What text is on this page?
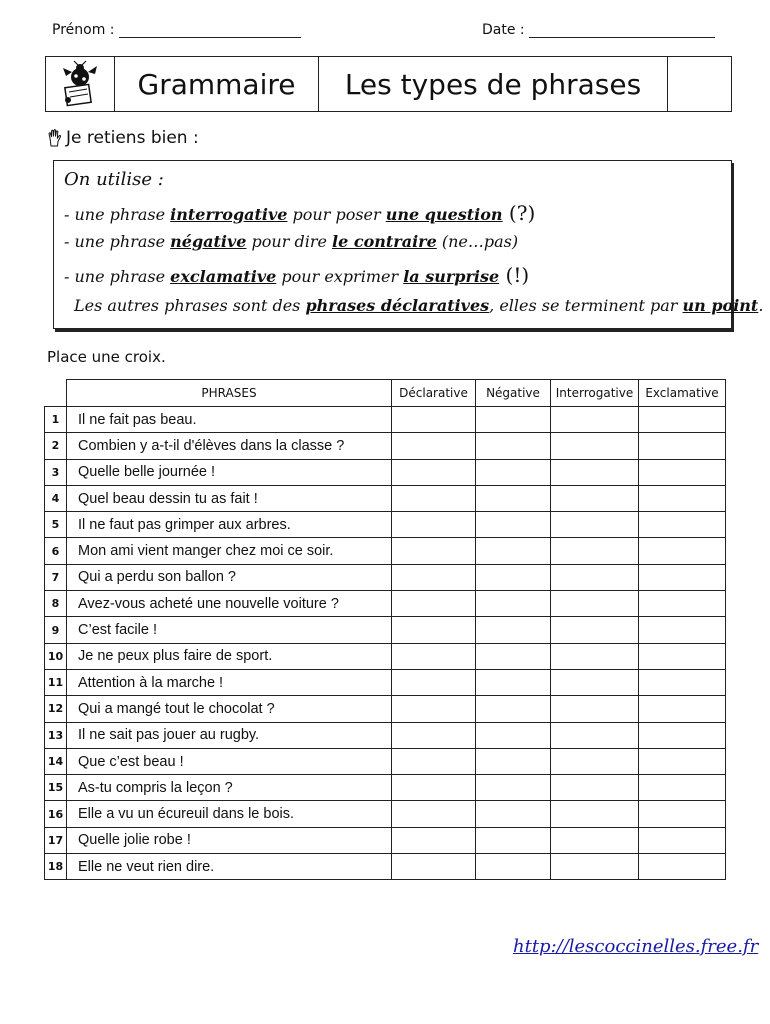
Prénom :	Date :
Grammaire	Les types de phrases
Je retiens bien :
On utilise :
- une phrase interrogative pour poser une question (?)
- une phrase négative pour dire le contraire (ne…pas)
- une phrase exclamative pour exprimer la surprise (!)
Les autres phrases sont des phrases déclaratives, elles se terminent par un point.
Place une croix.
	PHRASES	Déclarative	Négative	Interrogative	Exclamative
1	Il ne fait pas beau.				
2	Combien y a-t-il d'élèves dans la classe ?				
3	Quelle belle journée !				
4	Quel beau dessin tu as fait !				
5	Il ne faut pas grimper aux arbres.				
6	Mon ami vient manger chez moi ce soir.				
7	Qui a perdu son ballon ?				
8	Avez-vous acheté une nouvelle voiture ?				
9	C’est facile !				
10	Je ne peux plus faire de sport.				
11	Attention à la marche !				
12	Qui a mangé tout le chocolat ?				
13	Il ne sait pas jouer au rugby.				
14	Que c’est beau !				
15	As-tu compris la leçon ?				
16	Elle a vu un écureuil dans le bois.				
17	Quelle jolie robe !				
18	Elle ne veut rien dire.				
http://lescoccinelles.free.fr
